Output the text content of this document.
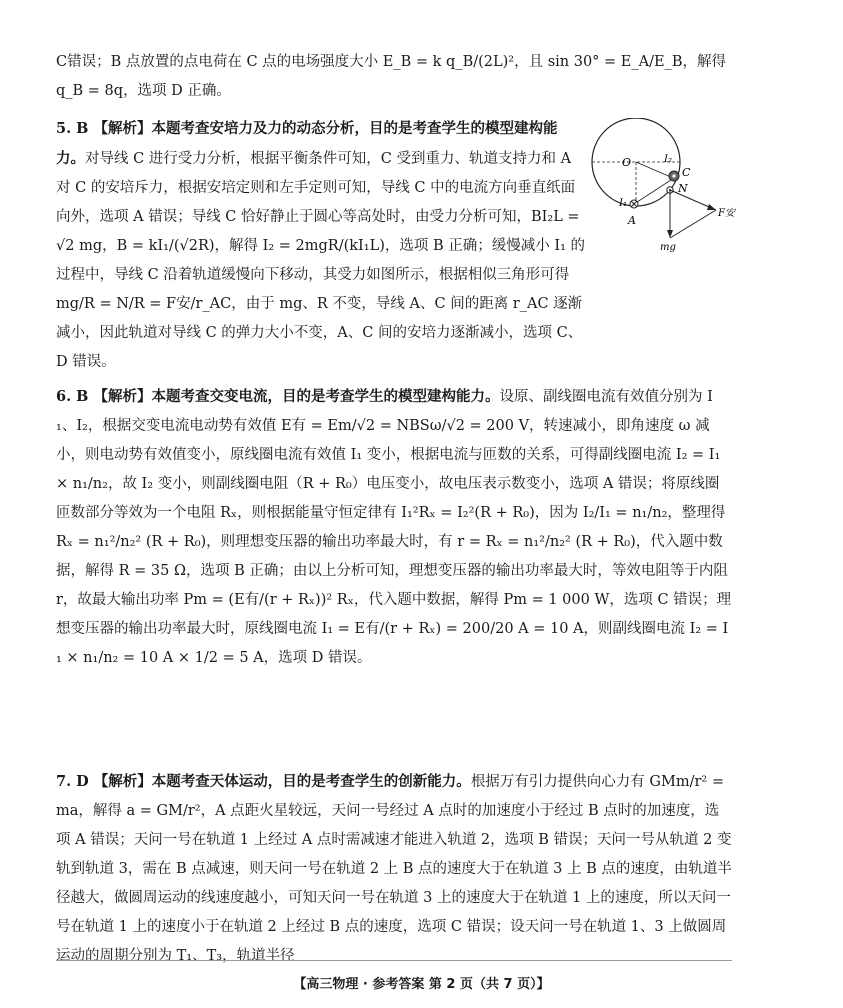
C错误；B 点放置的点电荷在 C 点的电场强度大小 E_B = k q_B/(2L)²，且 sin 30° = E_A/E_B，解得 q_B = 8q，选项 D 正确。

5. B 【解析】本题考查安培力及力的动态分析，目的是考查学生的模型建构能力。对导线 C 进行受力分析，根据平衡条件可知，C 受到重力、轨道支持力和 A 对 C 的安培斥力，根据安培定则和左手定则可知，导线 C 中的电流方向垂直纸面向外，选项 A 错误；导线 C 恰好静止于圆心等高处时，由受力分析可知，BI₂L = √2 mg，B = kI₁/(√2R)，解得 I₂ = 2mgR/(kI₁L)，选项 B 正确；缓慢减小 I₁ 的过程中，导线 C 沿着轨道缓慢向下移动，其受力如图所示，根据相似三角形可得 mg/R = N/R = F安/r_AC，由于 mg、R 不变，导线 A、C 间的距离 r_AC 逐渐减小，因此轨道对导线 C 的弹力大小不变，A、C 间的安培力逐渐减小，选项 C、D 错误。

O	I₂
C
N
I₁
A
F安
mg

6. B 【解析】本题考查交变电流，目的是考查学生的模型建构能力。设原、副线圈电流有效值分别为 I₁、I₂，根据交变电流电动势有效值 E有 = Em/√2 = NBSω/√2 = 200 V，转速减小，即角速度 ω 减小，则电动势有效值变小，原线圈电流有效值 I₁ 变小，根据电流与匝数的关系，可得副线圈电流 I₂ = I₁ × n₁/n₂，故 I₂ 变小，则副线圈电阻（R + R₀）电压变小，故电压表示数变小，选项 A 错误；将原线圈匝数部分等效为一个电阻 Rₓ，则根据能量守恒定律有 I₁²Rₓ = I₂²(R + R₀)，因为 I₂/I₁ = n₁/n₂，整理得 Rₓ = n₁²/n₂² (R + R₀)，则理想变压器的输出功率最大时，有 r = Rₓ = n₁²/n₂² (R + R₀)，代入题中数据，解得 R = 35 Ω，选项 B 正确；由以上分析可知，理想变压器的输出功率最大时，等效电阻等于内阻 r，故最大输出功率 Pm = (E有/(r + Rₓ))² Rₓ，代入题中数据，解得 Pm = 1 000 W，选项 C 错误；理想变压器的输出功率最大时，原线圈电流 I₁ = E有/(r + Rₓ) = 200/20 A = 10 A，则副线圈电流 I₂ = I₁ × n₁/n₂ = 10 A × 1/2 = 5 A，选项 D 错误。

7. D 【解析】本题考查天体运动，目的是考查学生的创新能力。根据万有引力提供向心力有 GMm/r² = ma，解得 a = GM/r²，A 点距火星较远，天问一号经过 A 点时的加速度小于经过 B 点时的加速度，选项 A 错误；天问一号在轨道 1 上经过 A 点时需减速才能进入轨道 2，选项 B 错误；天问一号从轨道 2 变轨到轨道 3，需在 B 点减速，则天问一号在轨道 2 上 B 点的速度大于在轨道 3 上 B 点的速度，由轨道半径越大，做圆周运动的线速度越小，可知天问一号在轨道 3 上的速度大于在轨道 1 上的速度，所以天问一号在轨道 1 上的速度小于在轨道 2 上经过 B 点的速度，选项 C 错误；设天问一号在轨道 1、3 上做圆周运动的周期分别为 T₁、T₃，轨道半径

【高三物理 · 参考答案 第 2 页（共 7 页）】
